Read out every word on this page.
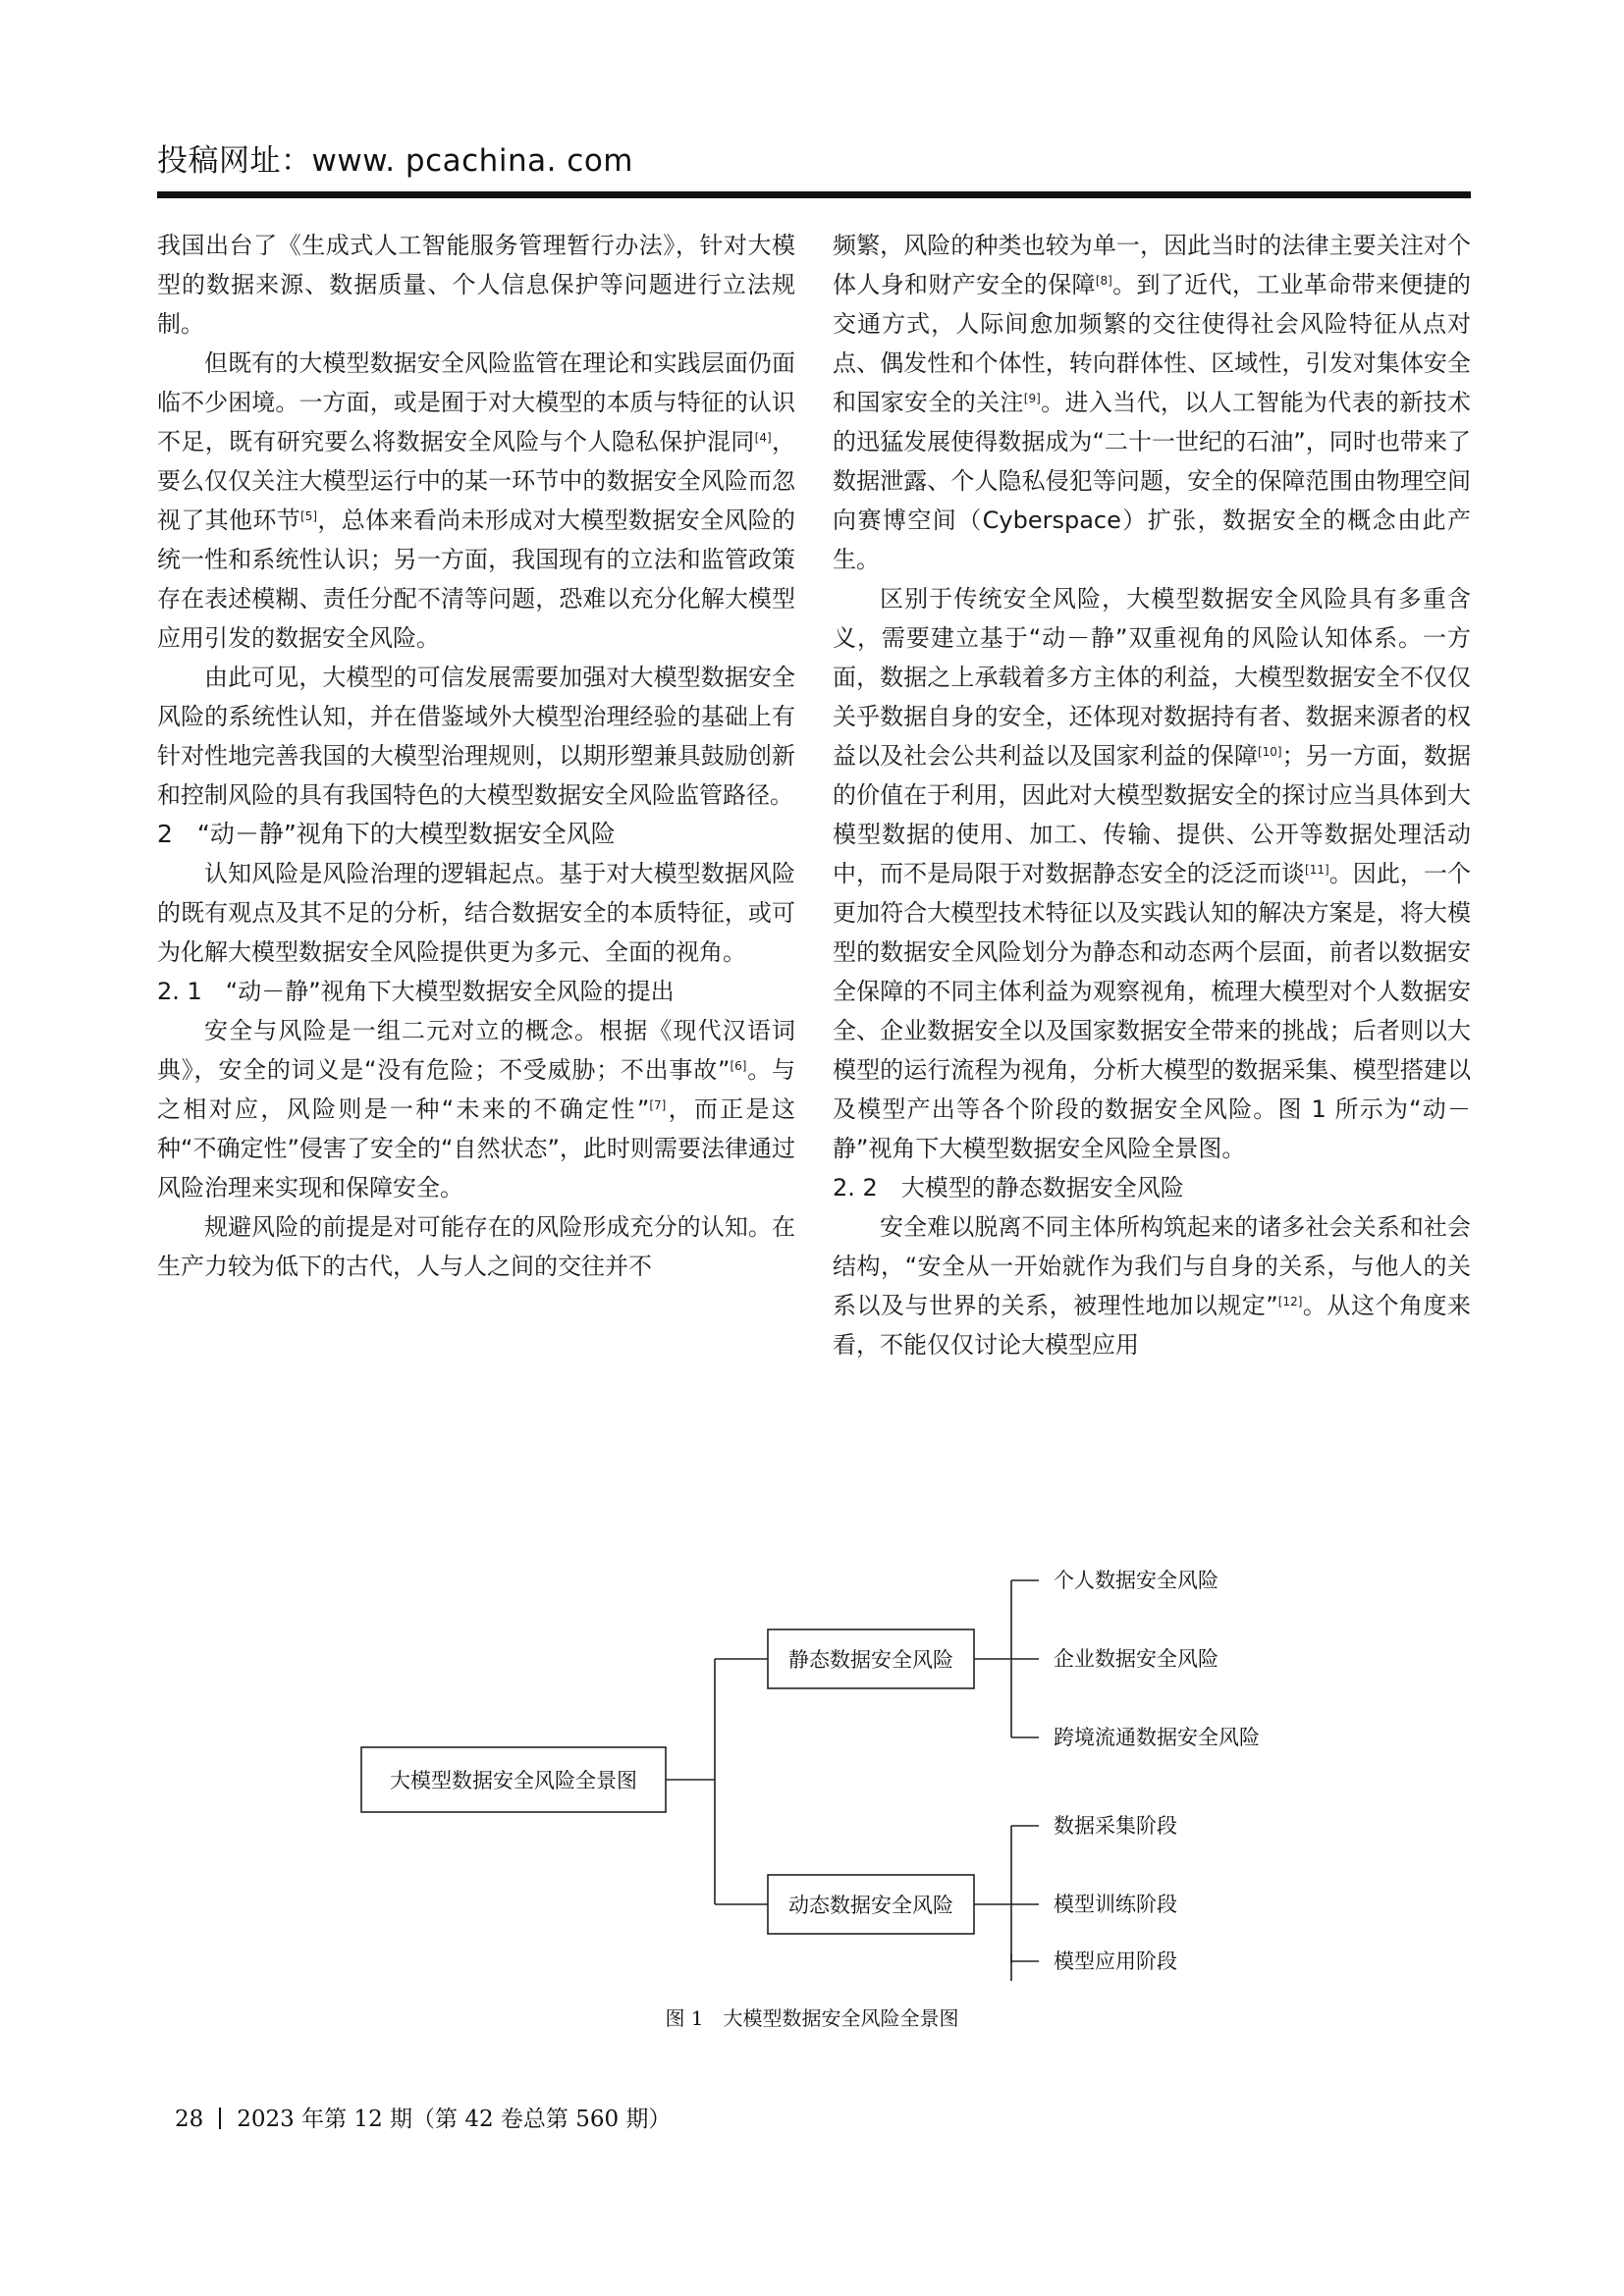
投稿网址：www. pcachina. com

我国出台了《生成式人工智能服务管理暂行办法》，针对大模型的数据来源、数据质量、个人信息保护等问题进行立法规制。

但既有的大模型数据安全风险监管在理论和实践层面仍面临不少困境。一方面，或是囿于对大模型的本质与特征的认识不足，既有研究要么将数据安全风险与个人隐私保护混同[4]，要么仅仅关注大模型运行中的某一环节中的数据安全风险而忽视了其他环节[5]，总体来看尚未形成对大模型数据安全风险的统一性和系统性认识；另一方面，我国现有的立法和监管政策存在表述模糊、责任分配不清等问题，恐难以充分化解大模型应用引发的数据安全风险。

由此可见，大模型的可信发展需要加强对大模型数据安全风险的系统性认知，并在借鉴域外大模型治理经验的基础上有针对性地完善我国的大模型治理规则，以期形塑兼具鼓励创新和控制风险的具有我国特色的大模型数据安全风险监管路径。

2　“动－静”视角下的大模型数据安全风险

认知风险是风险治理的逻辑起点。基于对大模型数据风险的既有观点及其不足的分析，结合数据安全的本质特征，或可为化解大模型数据安全风险提供更为多元、全面的视角。

2. 1　“动－静”视角下大模型数据安全风险的提出

安全与风险是一组二元对立的概念。根据《现代汉语词典》，安全的词义是“没有危险；不受威胁；不出事故”[6]。与之相对应，风险则是一种“未来的不确定性”[7]，而正是这种“不确定性”侵害了安全的“自然状态”，此时则需要法律通过风险治理来实现和保障安全。

规避风险的前提是对可能存在的风险形成充分的认知。在生产力较为低下的古代，人与人之间的交往并不

频繁，风险的种类也较为单一，因此当时的法律主要关注对个体人身和财产安全的保障[8]。到了近代，工业革命带来便捷的交通方式，人际间愈加频繁的交往使得社会风险特征从点对点、偶发性和个体性，转向群体性、区域性，引发对集体安全和国家安全的关注[9]。进入当代，以人工智能为代表的新技术的迅猛发展使得数据成为“二十一世纪的石油”，同时也带来了数据泄露、个人隐私侵犯等问题，安全的保障范围由物理空间向赛博空间（Cyberspace）扩张，数据安全的概念由此产生。

区别于传统安全风险，大模型数据安全风险具有多重含义，需要建立基于“动－静”双重视角的风险认知体系。一方面，数据之上承载着多方主体的利益，大模型数据安全不仅仅关乎数据自身的安全，还体现对数据持有者、数据来源者的权益以及社会公共利益以及国家利益的保障[10]；另一方面，数据的价值在于利用，因此对大模型数据安全的探讨应当具体到大模型数据的使用、加工、传输、提供、公开等数据处理活动中，而不是局限于对数据静态安全的泛泛而谈[11]。因此，一个更加符合大模型技术特征以及实践认知的解决方案是，将大模型的数据安全风险划分为静态和动态两个层面，前者以数据安全保障的不同主体利益为观察视角，梳理大模型对个人数据安全、企业数据安全以及国家数据安全带来的挑战；后者则以大模型的运行流程为视角，分析大模型的数据采集、模型搭建以及模型产出等各个阶段的数据安全风险。图 1 所示为“动－静”视角下大模型数据安全风险全景图。

2. 2　大模型的静态数据安全风险

安全难以脱离不同主体所构筑起来的诸多社会关系和社会结构，“安全从一开始就作为我们与自身的关系，与他人的关系以及与世界的关系，被理性地加以规定”[12]。从这个角度来看，不能仅仅讨论大模型应用

大模型数据安全风险全景图
静态数据安全风险
个人数据安全风险
企业数据安全风险
跨境流通数据安全风险
动态数据安全风险
数据采集阶段
模型训练阶段
模型应用阶段
图 1　大模型数据安全风险全景图
28 2023 年第 12 期（第 42 卷总第 560 期）
